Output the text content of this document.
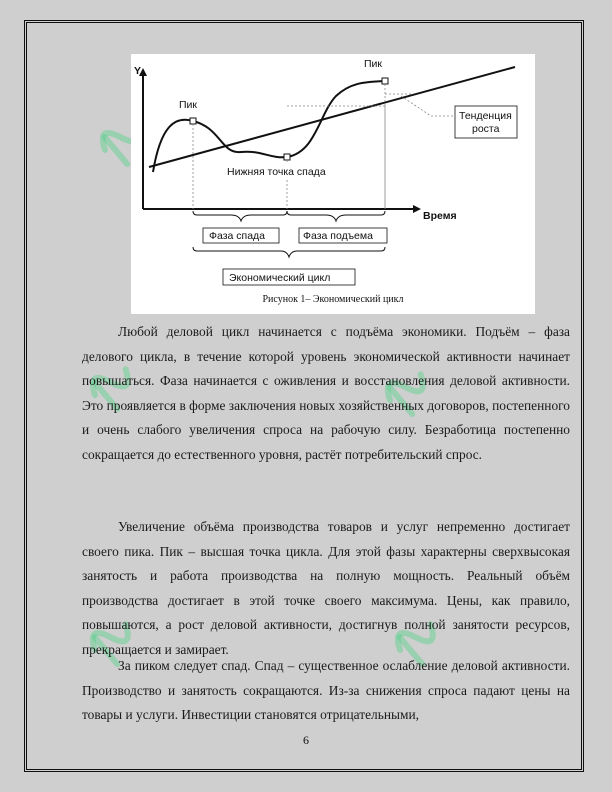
Y
Время
Пик
Пик
Нижняя точка спада
Тенденция
роста
Фаза спада	Фаза подъема
Экономический цикл
Рисунок 1– Экономический цикл

Любой деловой цикл начинается с подъёма экономики. Подъём – фаза делового цикла, в течение которой уровень экономической активности начинает повышаться. Фаза начинается с оживления и восстановления деловой активности. Это проявляется в форме заключения новых хозяйственных договоров, постепенного и очень слабого увеличения спроса на рабочую силу. Безработица постепенно сокращается до естественного уровня, растёт потребительский спрос.

Увеличение объёма производства товаров и услуг непременно достигает своего пика. Пик – высшая точка цикла. Для этой фазы характерны сверхвысокая занятость и работа производства на полную мощность. Реальный объём производства достигает в этой точке своего максимума. Цены, как правило, повышаются, а рост деловой активности, достигнув полной занятости ресурсов, прекращается и замирает.

За пиком следует спад. Спад – существенное ослабление деловой активности. Производство и занятость сокращаются. Из-за снижения спроса падают цены на товары и услуги. Инвестиции становятся отрицательными,

6
